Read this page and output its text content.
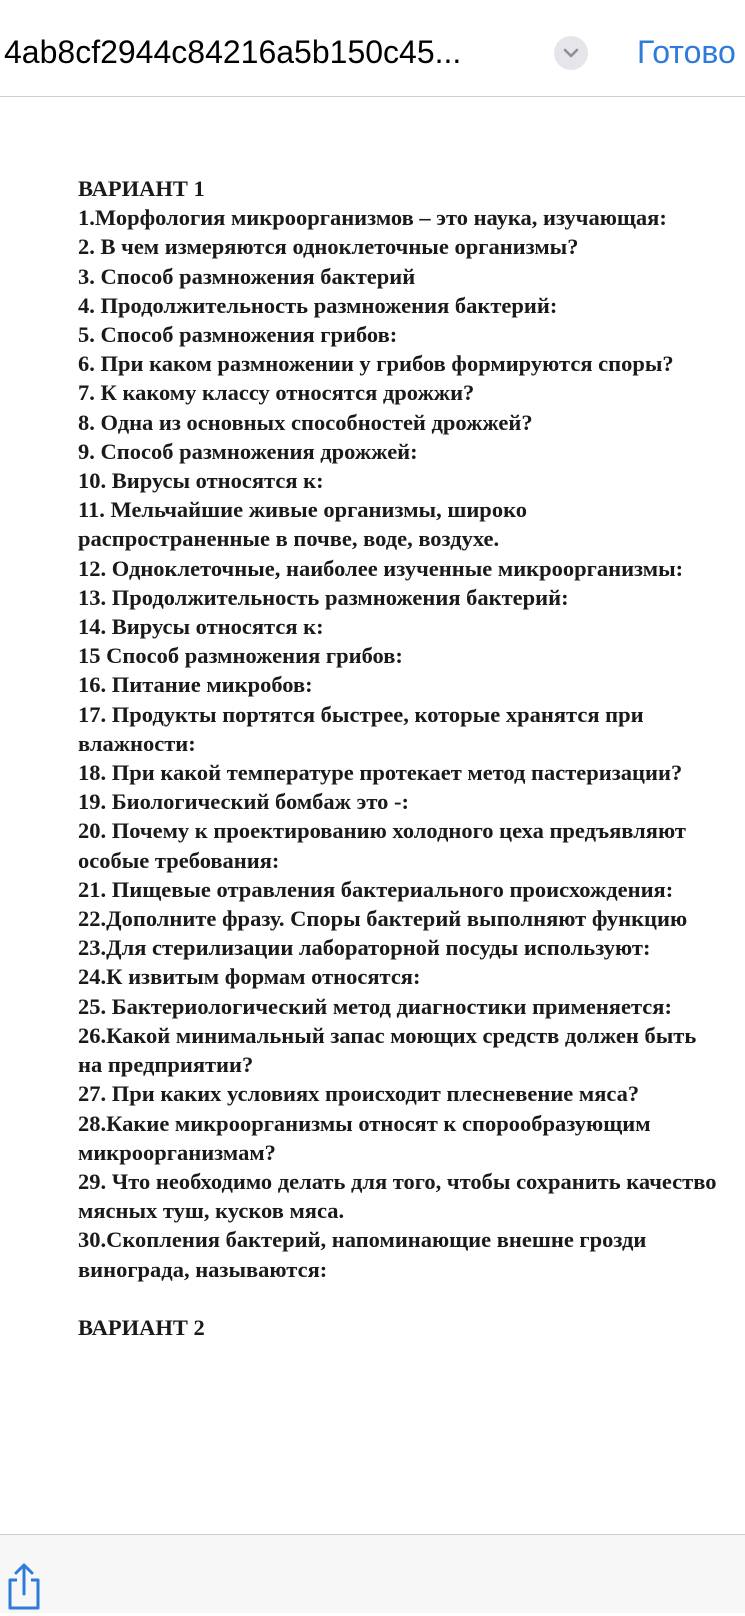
4ab8cf2944c84216a5b150c45...	Готово

ВАРИАНТ 1

1.Морфология микроорганизмов – это наука, изучающая:

2. В чем измеряются одноклеточные организмы?

3. Способ размножения бактерий

4. Продолжительность размножения бактерий:

5. Способ размножения грибов:

6. При каком размножении у грибов формируются споры?

7. К какому классу относятся дрожжи?

8. Одна из основных способностей дрожжей?

9. Способ размножения дрожжей:

10. Вирусы относятся к:

11. Мельчайшие живые организмы, широко распространенные в почве, воде, воздухе.

12. Одноклеточные, наиболее изученные микроорганизмы:

13. Продолжительность размножения бактерий:

14. Вирусы относятся к:

15 Способ размножения грибов:

16. Питание микробов:

17. Продукты портятся быстрее, которые хранятся при влажности:

18. При какой температуре протекает метод пастеризации?

19. Биологический бомбаж это -:

20. Почему к проектированию холодного цеха предъявляют особые требования:

21. Пищевые отравления бактериального происхождения:

22.Дополните фразу. Споры бактерий выполняют функцию

23.Для стерилизации лабораторной посуды используют:

24.К извитым формам относятся:

25. Бактериологический метод диагностики применяется:

26.Какой минимальный запас моющих средств должен быть на предприятии?

27. При каких условиях происходит плесневение мяса?

28.Какие микроорганизмы относят к спорообразующим микроорганизмам?

29. Что необходимо делать для того, чтобы сохранить качество мясных туш, кусков мяса.

30.Скопления бактерий, напоминающие внешне грозди винограда, называются:

ВАРИАНТ 2
